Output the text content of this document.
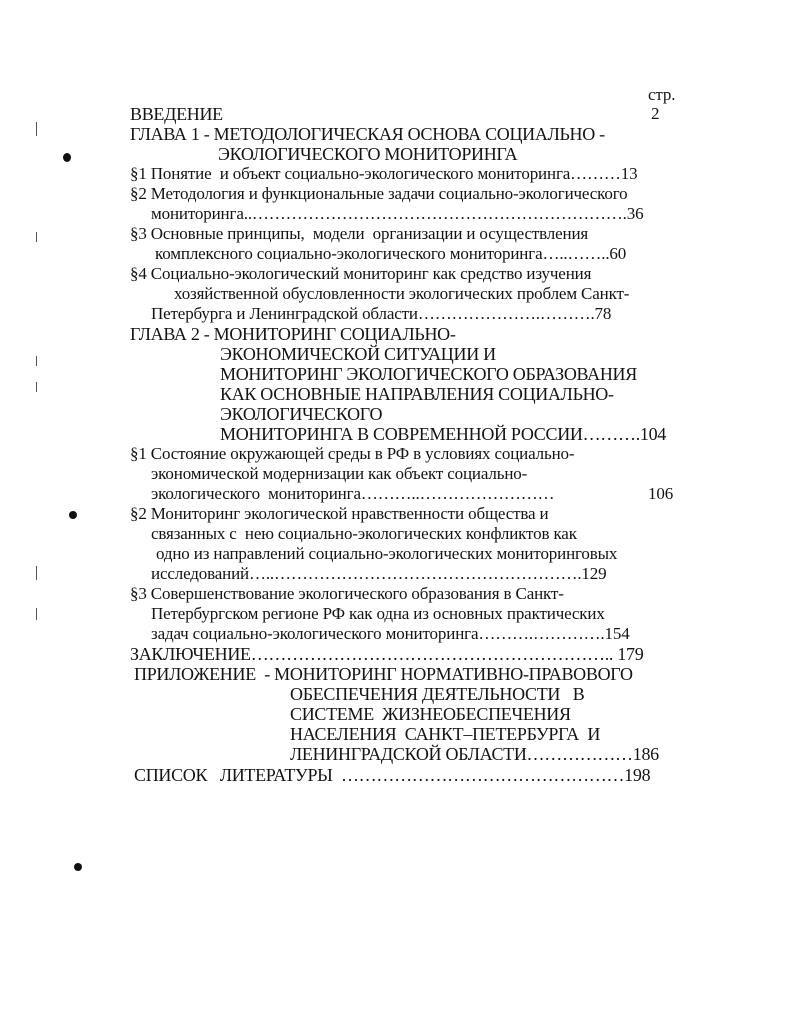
стр.
ВВЕДЕНИЕ	2
ГЛАВА 1 - МЕТОДОЛОГИЧЕСКАЯ ОСНОВА СОЦИАЛЬНО -
ЭКОЛОГИЧЕСКОГО МОНИТОРИНГА
§1 Понятие  и объект социально-экологического мониторинга………13
§2 Методология и функциональные задачи социально-экологического
мониторинга..………………………………………………………….36
§3 Основные принципы,  модели  организации и осуществления
комплексного социально-экологического мониторинга…..……..60
§4 Социально-экологический мониторинг как средство изучения
хозяйственной обусловленности экологических проблем Санкт-
Петербурга и Ленинградской области………………….……….78
ГЛАВА 2 - МОНИТОРИНГ СОЦИАЛЬНО-
ЭКОНОМИЧЕСКОЙ СИТУАЦИИ И
МОНИТОРИНГ ЭКОЛОГИЧЕСКОГО ОБРАЗОВАНИЯ
КАК ОСНОВНЫЕ НАПРАВЛЕНИЯ СОЦИАЛЬНО-
ЭКОЛОГИЧЕСКОГО
МОНИТОРИНГА В СОВРЕМЕННОЙ РОССИИ……….104
§1 Состояние окружающей среды в РФ в условиях социально-
экономической модернизации как объект социально-
экологического  мониторинга………..……………………	106
§2 Мониторинг экологической нравственности общества и
связанных с  нею социально-экологических конфликтов как
одно из направлений социально-экологических мониторинговых
исследований…..……………………………………………….129
§3 Совершенствование экологического образования в Санкт-
Петербургском регионе РФ как одна из основных практических
задач социально-экологического мониторинга……….………….154
ЗАКЛЮЧЕНИЕ…………………………………………………….. 179
ПРИЛОЖЕНИЕ  - МОНИТОРИНГ НОРМАТИВНО-ПРАВОВОГО
ОБЕСПЕЧЕНИЯ ДЕЯТЕЛЬНОСТИ   В
СИСТЕМЕ  ЖИЗНЕОБЕСПЕЧЕНИЯ
НАСЕЛЕНИЯ  САНКТ–ПЕТЕРБУРГА  И
ЛЕНИНГРАДСКОЙ ОБЛАСТИ………………186
СПИСОК   ЛИТЕРАТУРЫ  …………………………………………198
